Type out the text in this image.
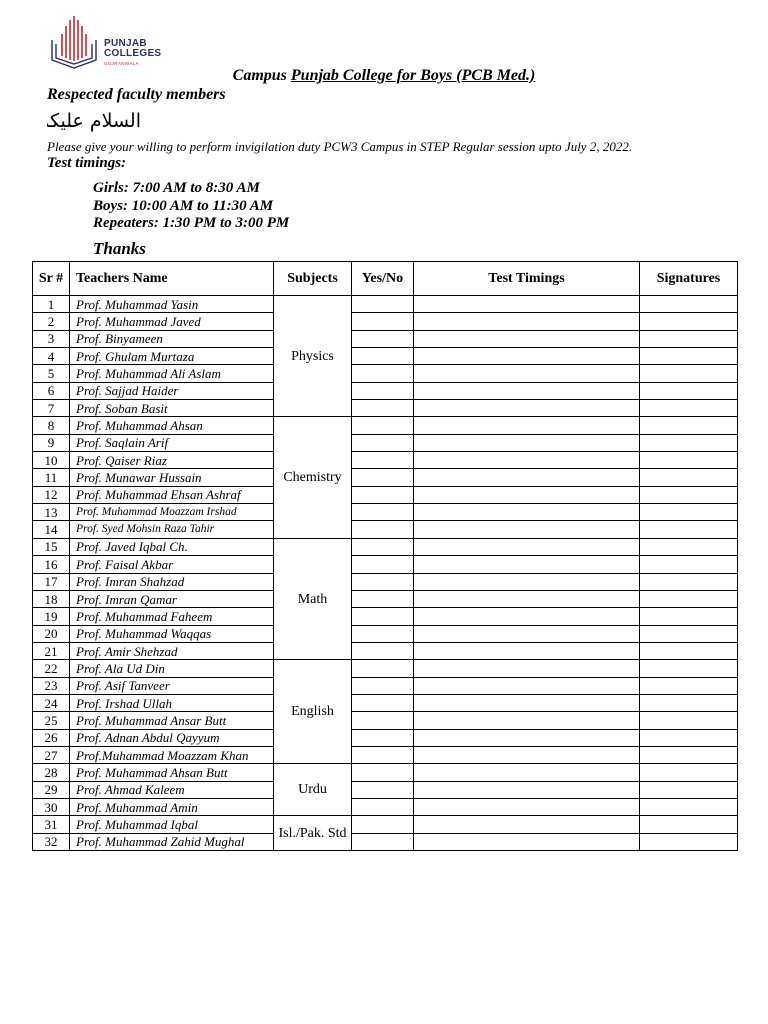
PUNJAB
COLLEGES
GUJRANWALA
Campus Punjab College for Boys (PCB Med.)
Respected faculty members
السلام علیکم
Please give your willing to perform invigilation duty PCW3 Campus in STEP Regular session upto July 2, 2022.
Test timings:
Girls: 7:00 AM to 8:30 AM
Boys: 10:00 AM to 11:30 AM
Repeaters: 1:30 PM to 3:00 PM
Thanks
Sr #	Teachers Name	Subjects	Yes/No	Test Timings	Signatures
1	Prof. Muhammad Yasin	Physics			
2	Prof. Muhammad Javed				
3	Prof. Binyameen				
4	Prof. Ghulam Murtaza				
5	Prof. Muhammad Ali Aslam				
6	Prof. Sajjad Haider				
7	Prof. Soban Basit				
8	Prof. Muhammad Ahsan	Chemistry			
9	Prof. Saqlain Arif				
10	Prof. Qaiser Riaz				
11	Prof. Munawar Hussain				
12	Prof. Muhammad Ehsan Ashraf				
13	Prof. Muhammad Moazzam Irshad				
14	Prof. Syed Mohsin Raza Tahir				
15	Prof. Javed Iqbal Ch.	Math			
16	Prof. Faisal Akbar				
17	Prof. Imran Shahzad				
18	Prof. Imran Qamar				
19	Prof. Muhammad Faheem				
20	Prof. Muhammad Waqqas				
21	Prof. Amir Shehzad				
22	Prof. Ala Ud Din	English			
23	Prof. Asif Tanveer				
24	Prof. Irshad Ullah				
25	Prof. Muhammad Ansar Butt				
26	Prof. Adnan Abdul Qayyum				
27	Prof.Muhammad Moazzam Khan				
28	Prof. Muhammad Ahsan Butt	Urdu			
29	Prof. Ahmad Kaleem				
30	Prof. Muhammad Amin				
31	Prof. Muhammad Iqbal	Isl./Pak. Std			
32	Prof. Muhammad Zahid Mughal				
